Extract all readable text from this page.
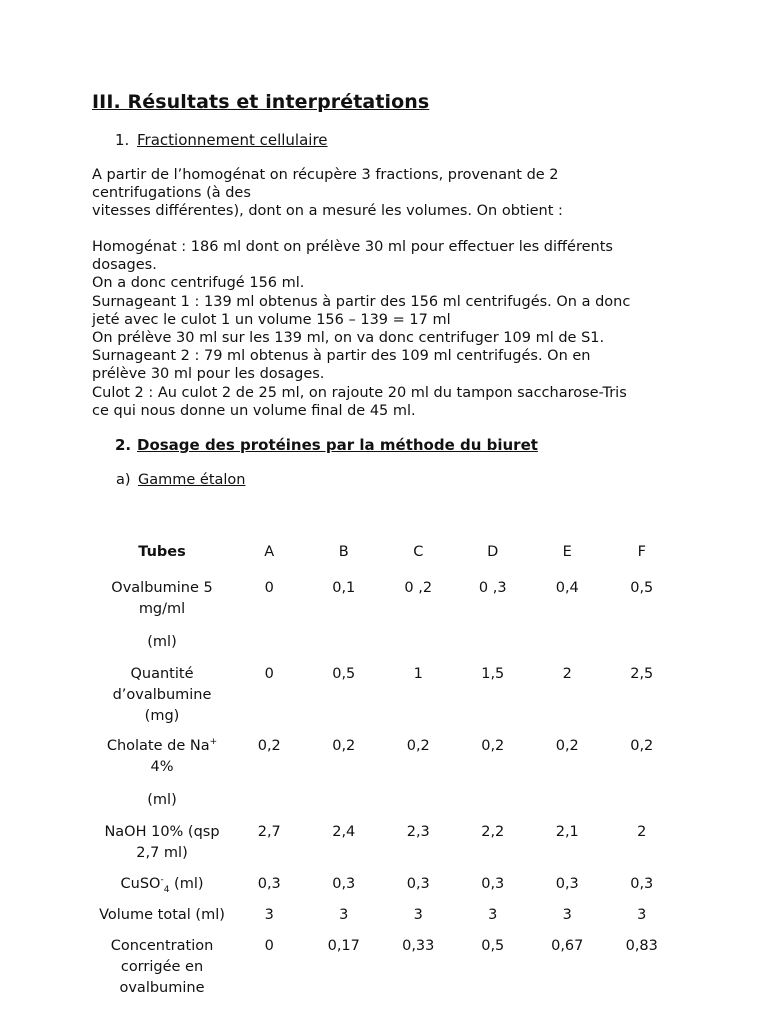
III. Résultats et interprétations
1. Fractionnement cellulaire
A partir de l’homogénat on récupère 3 fractions, provenant de 2
centrifugations (à des
vitesses différentes), dont on a mesuré les volumes. On obtient :
Homogénat : 186 ml dont on prélève 30 ml pour effectuer les différents
dosages.
On a donc centrifugé 156 ml.
Surnageant 1 : 139 ml obtenus à partir des 156 ml centrifugés. On a donc
jeté avec le culot 1 un volume 156 – 139 = 17 ml
On prélève 30 ml sur les 139 ml, on va donc centrifuger 109 ml de S1.
Surnageant 2 : 79 ml obtenus à partir des 109 ml centrifugés. On en
prélève 30 ml pour les dosages.
Culot 2 : Au culot 2 de 25 ml, on rajoute 20 ml du tampon saccharose-Tris
ce qui nous donne un volume final de 45 ml.
2. Dosage des protéines par la méthode du biuret
a) Gamme étalon
Tubes	A	B	C	D	E	F

Ovalbumine 5
mg/ml
(ml)	0	0,1	0 ,2	0 ,3	0,4	0,5

Quantité
d’ovalbumine
(mg)	0	0,5	1	1,5	2	2,5

Cholate de Na+
4%
(ml)	0,2	0,2	0,2	0,2	0,2	0,2

NaOH 10% (qsp
2,7 ml)	2,7	2,4	2,3	2,2	2,1	2

CuSO-$_4$ (ml)	0,3	0,3	0,3	0,3	0,3	0,3

Volume total (ml)	3	3	3	3	3	3

Concentration
corrigée en
ovalbumine	0	0,17	0,33	0,5	0,67	0,83
